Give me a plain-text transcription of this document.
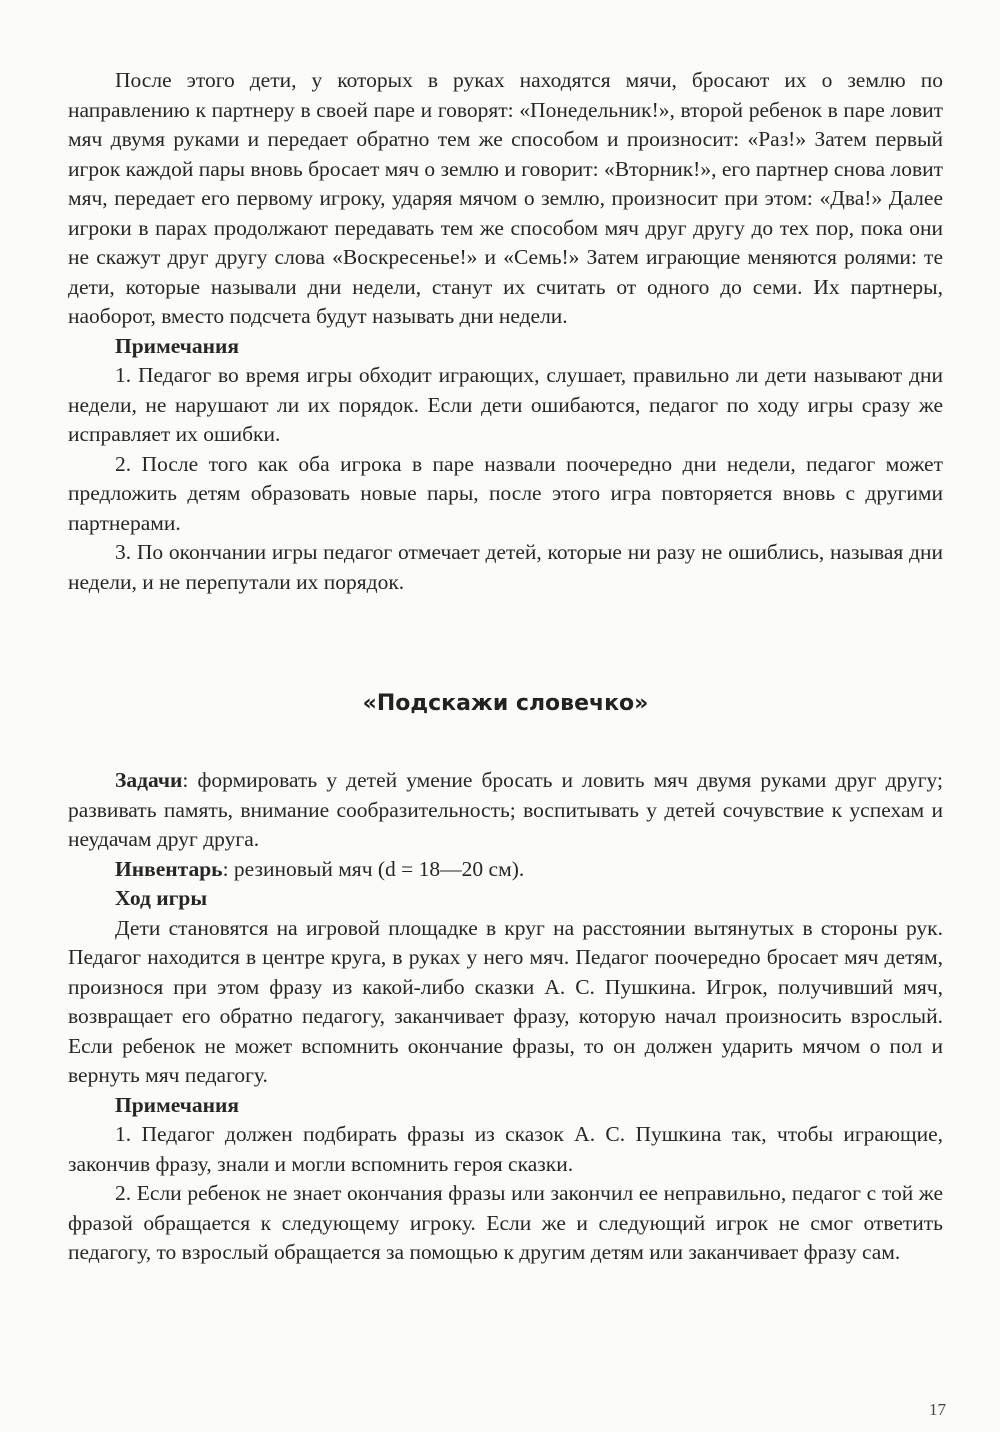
После этого дети, у которых в руках находятся мячи, бросают их о землю по направлению к партнеру в своей паре и говорят: «Понедельник!», второй ребенок в паре ловит мяч двумя руками и передает обратно тем же способом и произносит: «Раз!» Затем первый игрок каждой пары вновь бросает мяч о землю и говорит: «Вторник!», его партнер снова ловит мяч, передает его первому игроку, ударяя мячом о землю, произносит при этом: «Два!» Далее игроки в парах продолжают передавать тем же способом мяч друг другу до тех пор, пока они не скажут друг другу слова «Воскресенье!» и «Семь!» Затем играющие меняются ролями: те дети, которые называли дни недели, станут их считать от одного до семи. Их партнеры, наоборот, вместо подсчета будут называть дни недели.

Примечания

1. Педагог во время игры обходит играющих, слушает, правильно ли дети называют дни недели, не нарушают ли их порядок. Если дети ошибаются, педагог по ходу игры сразу же исправляет их ошибки.

2. После того как оба игрока в паре назвали поочередно дни недели, педагог может предложить детям образовать новые пары, после этого игра повторяется вновь с другими партнерами.

3. По окончании игры педагог отмечает детей, которые ни разу не ошиблись, называя дни недели, и не перепутали их порядок.

«Подскажи словечко»

Задачи: формировать у детей умение бросать и ловить мяч двумя руками друг другу; развивать память, внимание сообразительность; воспитывать у детей сочувствие к успехам и неудачам друг друга.

Инвентарь: резиновый мяч (d = 18—20 см).

Ход игры

Дети становятся на игровой площадке в круг на расстоянии вытянутых в стороны рук. Педагог находится в центре круга, в руках у него мяч. Педагог поочередно бросает мяч детям, произнося при этом фразу из какой-либо сказки А. С. Пушкина. Игрок, получивший мяч, возвращает его обратно педагогу, заканчивает фразу, которую начал произносить взрослый. Если ребенок не может вспомнить окончание фразы, то он должен ударить мячом о пол и вернуть мяч педагогу.

Примечания

1. Педагог должен подбирать фразы из сказок А. С. Пушкина так, чтобы играющие, закончив фразу, знали и могли вспомнить героя сказки.

2. Если ребенок не знает окончания фразы или закончил ее неправильно, педагог с той же фразой обращается к следующему игроку. Если же и следующий игрок не смог ответить педагогу, то взрослый обращается за помощью к другим детям или заканчивает фразу сам.

17
